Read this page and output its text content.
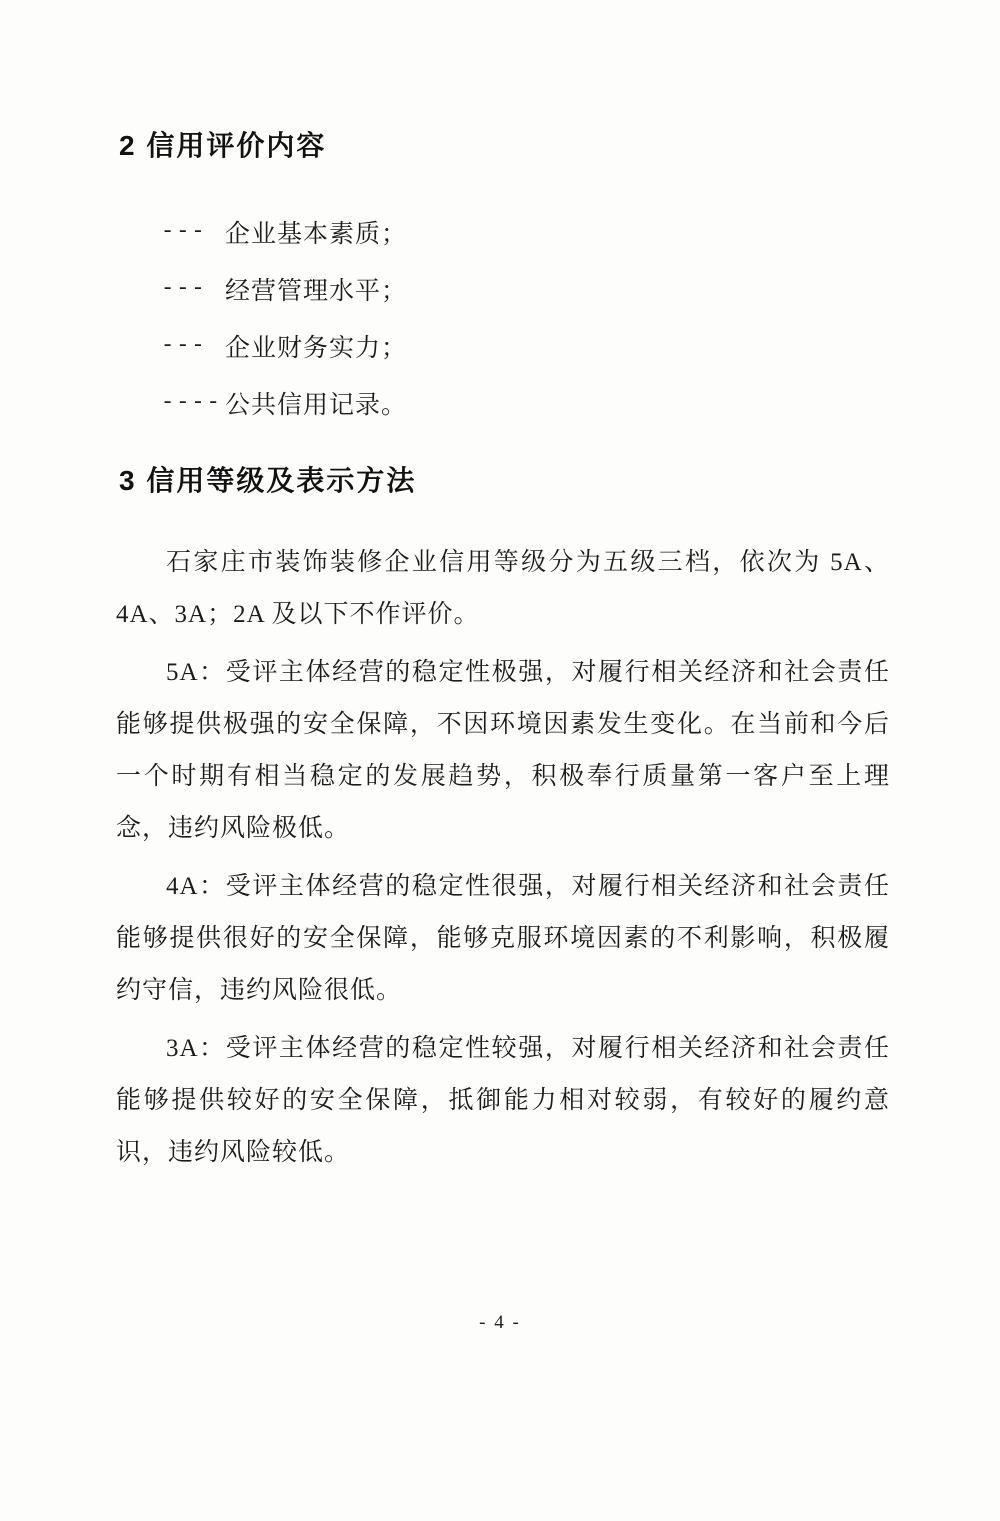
2 信用评价内容
--- 企业基本素质；
--- 经营管理水平；
--- 企业财务实力；
---- 公共信用记录。
3 信用等级及表示方法

石家庄市装饰装修企业信用等级分为五级三档，依次为 5A、4A、3A；2A 及以下不作评价。

5A：受评主体经营的稳定性极强，对履行相关经济和社会责任能够提供极强的安全保障，不因环境因素发生变化。在当前和今后一个时期有相当稳定的发展趋势，积极奉行质量第一客户至上理念，违约风险极低。

4A：受评主体经营的稳定性很强，对履行相关经济和社会责任能够提供很好的安全保障，能够克服环境因素的不利影响，积极履约守信，违约风险很低。

3A：受评主体经营的稳定性较强，对履行相关经济和社会责任能够提供较好的安全保障，抵御能力相对较弱，有较好的履约意识，违约风险较低。

- 4 -
